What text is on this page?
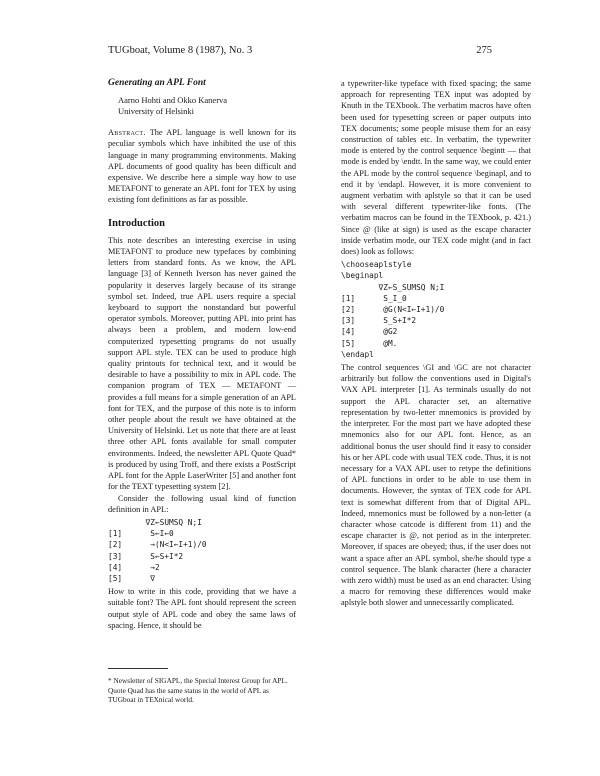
TUGboat, Volume 8 (1987), No. 3	275
Generating an APL Font
Aarno Hohti and Okko Kanerva
University of Helsinki

Abstract. The APL language is well known for its peculiar symbols which have inhibited the use of this language in many programming environments. Making APL documents of good quality has been difficult and expensive. We describe here a simple way how to use METAFONT to generate an APL font for TEX by using existing font definitions as far as possible.

Introduction

This note describes an interesting exercise in using METAFONT to produce new typefaces by combining letters from standard fonts. As we know, the APL language [3] of Kenneth Iverson has never gained the popularity it deserves largely because of its strange symbol set. Indeed, true APL users require a special keyboard to support the nonstandard but powerful operator symbols. Moreover, putting APL into print has always been a problem, and modern low-end computerized typesetting programs do not usually support APL style. TEX can be used to produce high quality printouts for technical text, and it would be desirable to have a possibility to mix in APL code. The companion program of TEX — METAFONT — provides a full means for a simple generation of an APL font for TEX, and the purpose of this note is to inform other people about the result we have obtained at the University of Helsinki. Let us note that there are at least three other APL fonts available for small computer environments. Indeed, the newsletter APL Quote Quad* is produced by using Troff, and there exists a PostScript APL font for the Apple LaserWriter [5] and another font for the TEXT typesetting system [2].

Consider the following usual kind of function definition in APL:

∇Z←SUMSQ N;I
[1]      S←I←0
[2]      →(N<I←I+1)/0
[3]      S←S+I*2
[4]      →2
[5]      ∇

How to write in this code, providing that we have a suitable font? The APL font should represent the screen output style of APL code and obey the same laws of spacing. Hence, it should be

a typewriter-like typeface with fixed spacing; the same approach for representing TEX input was adopted by Knuth in the TEXbook. The verbatim macros have often been used for typesetting screen or paper outputs into TEX documents; some people misuse them for an easy construction of tables etc. In verbatim, the typewriter mode is entered by the control sequence \begintt — that mode is ended by \endtt. In the same way, we could enter the APL mode by the control sequence \beginapl, and to end it by \endapl. However, it is more convenient to augment verbatim with aplstyle so that it can be used with several different typewriter-like fonts. (The verbatim macros can be found in the TEXbook, p. 421.) Since @ (like at sign) is used as the escape character inside verbatim mode, our TEX code might (and in fact does) look as follows:

\chooseaplstyle
\beginapl
∇Z←S_SUMSQ N;I
[1]      S_I_0
[2]      @G(N<I←I+1)/0
[3]      S_S+I*2
[4]      @G2
[5]      @M.
\endapl

The control sequences \GI and \GC are not character arbitrarily but follow the conventions used in Digital's VAX APL interpreter [1]. As terminals usually do not support the APL character set, an alternative representation by two-letter mnemonics is provided by the interpreter. For the most part we have adopted these mnemonics also for our APL font. Hence, as an additional bonus the user should find it easy to consider his or her APL code with usual TEX code. Thus, it is not necessary for a VAX APL user to retype the definitions of APL functions in order to be able to use them in documents. However, the syntax of TEX code for APL text is somewhat different from that of Digital APL. Indeed, mnemonics must be followed by a non-letter (a character whose catcode is different from 11) and the escape character is @, not period as in the interpreter. Moreover, if spaces are obeyed; thus, if the user does not want a space after an APL symbol, she/he should type a control sequence. The blank character (here a character with zero width) must be used as an end character. Using a macro for removing these differences would make aplstyle both slower and unnecessarily complicated.

* Newsletter of SIGAPL, the Special Interest Group for APL. Quote Quad has the same status in the world of APL as TUGboat in TEXnical world.
